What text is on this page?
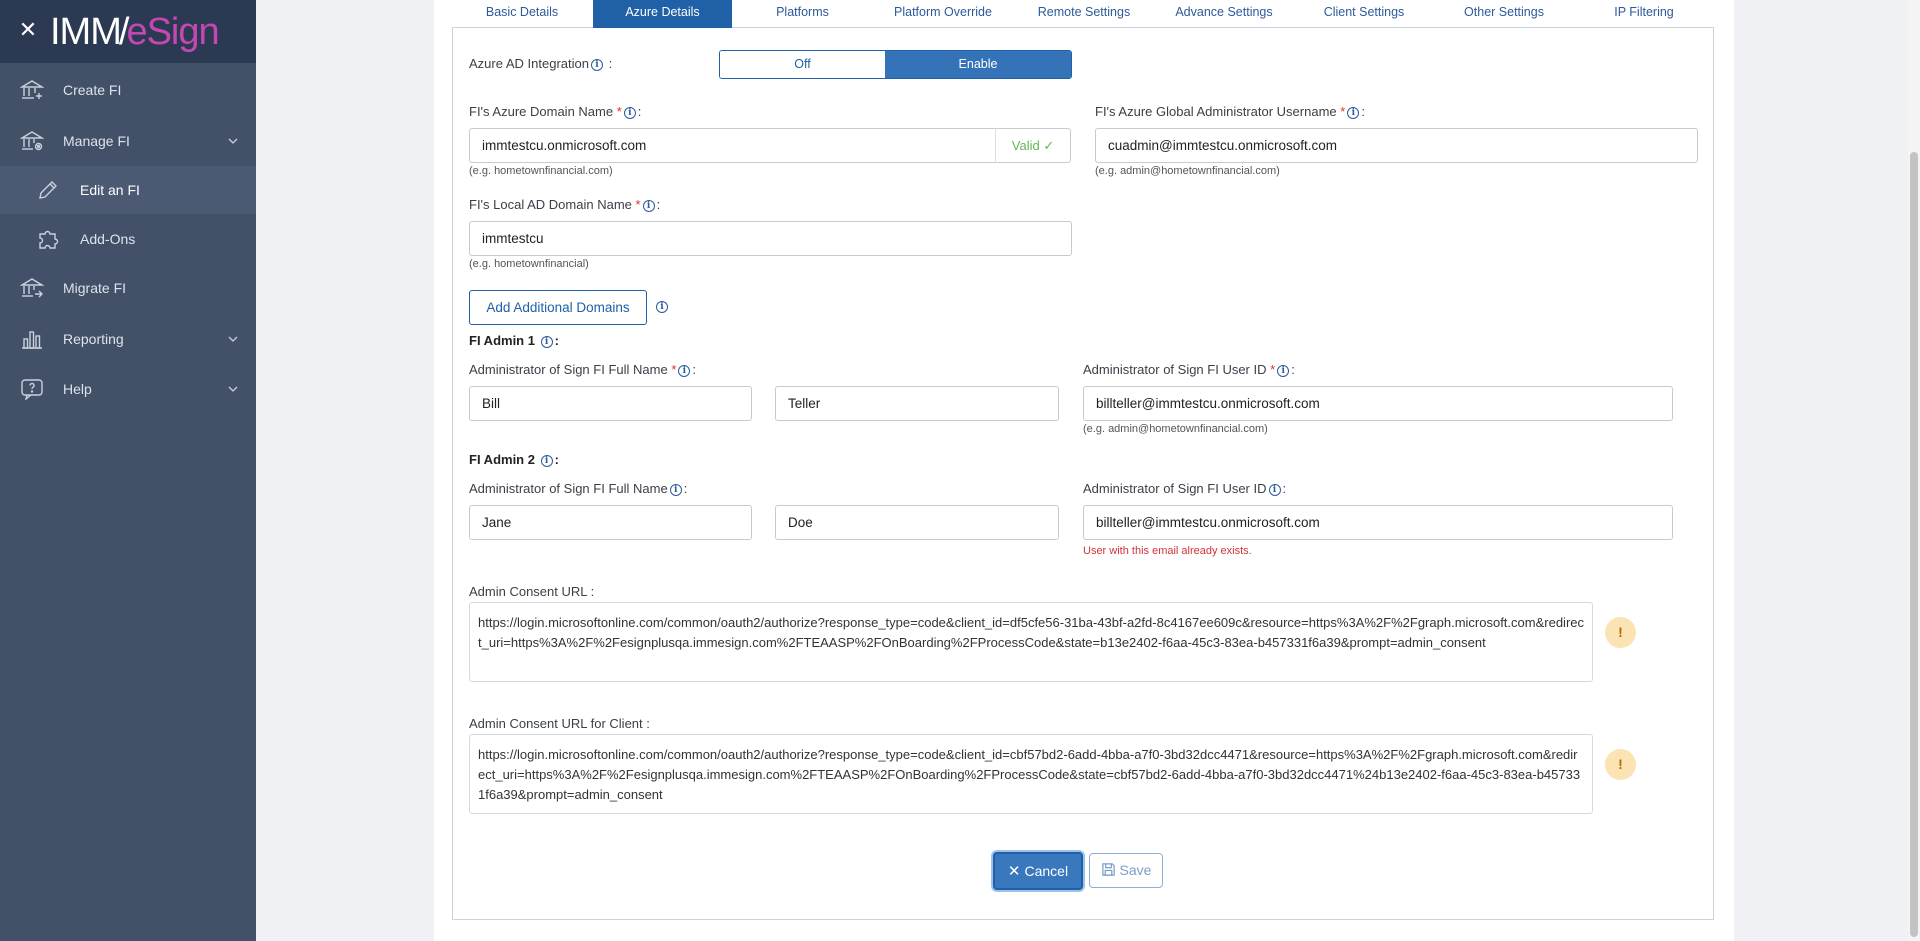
✕ IMM/eSign
Create FI
Manage FI
Edit an FI
Add-Ons
Migrate FI
Reporting
Help
Basic Details	Azure Details	Platforms	Platform Override	Remote Settings	Advance Settings	Client Settings	Other Settings	IP Filtering
Azure AD Integration i :	Off	Enable
FI's Azure Domain Name * i :
immtestcu.onmicrosoft.com
Valid ✓
(e.g. hometownfinancial.com)
FI's Azure Global Administrator Username * i :
cuadmin@immtestcu.onmicrosoft.com
(e.g. admin@hometownfinancial.com)
FI's Local AD Domain Name * i :
immtestcu
(e.g. hometownfinancial)
Add Additional Domains	i
FI Admin 1 i :
Administrator of Sign FI Full Name * i :
Bill
Teller	Administrator of Sign FI User ID * i :
billteller@immtestcu.onmicrosoft.com
(e.g. admin@hometownfinancial.com)
FI Admin 2 i :
Administrator of Sign FI Full Name i :
Jane
Doe	Administrator of Sign FI User ID i :
billteller@immtestcu.onmicrosoft.com
User with this email already exists.
Admin Consent URL :
https://login.microsoftonline.com/common/oauth2/authorize?response_type=code&client_id=df5cfe56-31ba-43bf-a2fd-8c4167ee609c&resource=https%3A%2F%2Fgraph.microsoft.com&redirect_uri=https%3A%2F%2Fesignplusqa.immesign.com%2FTEAASP%2FOnBoarding%2FProcessCode&state=b13e2402-f6aa-45c3-83ea-b457331f6a39&prompt=admin_consent
!
Admin Consent URL for Client :
https://login.microsoftonline.com/common/oauth2/authorize?response_type=code&client_id=cbf57bd2-6add-4bba-a7f0-3bd32dcc4471&resource=https%3A%2F%2Fgraph.microsoft.com&redirect_uri=https%3A%2F%2Fesignplusqa.immesign.com%2FTEAASP%2FOnBoarding%2FProcessCode&state=cbf57bd2-6add-4bba-a7f0-3bd32dcc4471%24b13e2402-f6aa-45c3-83ea-b457331f6a39&prompt=admin_consent
!
✕ Cancel	Save
